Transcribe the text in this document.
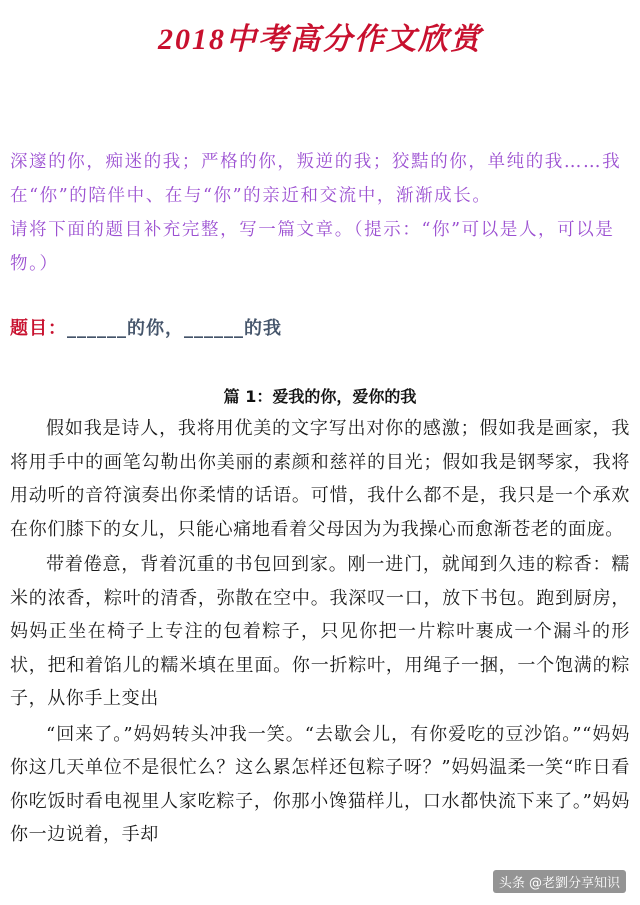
2018中考高分作文欣赏

深邃的你，痴迷的我；严格的你，叛逆的我；狡黠的你，单纯的我……我在“你”的陪伴中、在与“你”的亲近和交流中，渐渐成长。

请将下面的题目补充完整，写一篇文章。（提示：“你”可以是人，可以是物。）

题目：______的你，______的我
篇 1：爱我的你，爱你的我

假如我是诗人，我将用优美的文字写出对你的感激；假如我是画家，我将用手中的画笔勾勒出你美丽的素颜和慈祥的目光；假如我是钢琴家，我将用动听的音符演奏出你柔情的话语。可惜，我什么都不是，我只是一个承欢在你们膝下的女儿，只能心痛地看着父母因为为我操心而愈渐苍老的面庞。

带着倦意，背着沉重的书包回到家。刚一进门，就闻到久违的粽香：糯米的浓香，粽叶的清香，弥散在空中。我深叹一口，放下书包。跑到厨房，妈妈正坐在椅子上专注的包着粽子，只见你把一片粽叶裹成一个漏斗的形状，把和着馅儿的糯米填在里面。你一折粽叶，用绳子一捆，一个饱满的粽子，从你手上变出

“回来了。”妈妈转头冲我一笑。“去歇会儿，有你爱吃的豆沙馅。”“妈妈你这几天单位不是很忙么？这么累怎样还包粽子呀？”妈妈温柔一笑“昨日看你吃饭时看电视里人家吃粽子，你那小馋猫样儿，口水都快流下来了。”妈妈你一边说着，手却

头条 @老劉分享知识
